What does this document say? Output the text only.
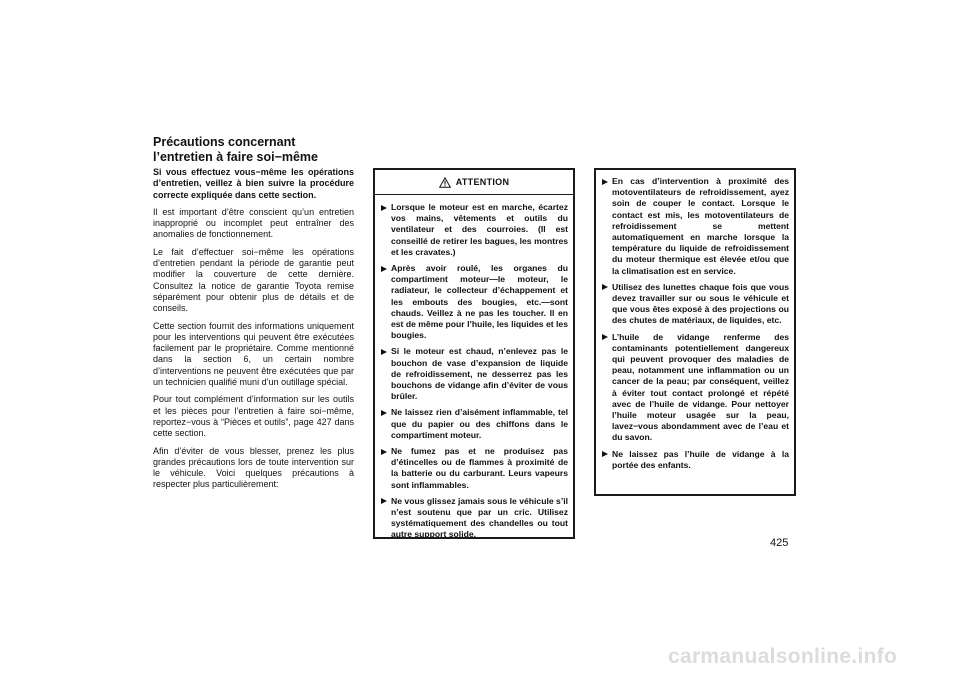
Précautions concernant
l’entretien à faire soi−même

Si vous effectuez vous−même les opérations d’entretien, veillez à bien suivre la procédure correcte expliquée dans cette section.

Il est important d’être conscient qu’un entretien inapproprié ou incomplet peut entraîner des anomalies de fonctionnement.

Le fait d’effectuer soi−même les opérations d’entretien pendant la période de garantie peut modifier la couverture de cette dernière. Consultez la notice de garantie Toyota remise séparément pour obtenir plus de détails et de conseils.

Cette section fournit des informations uniquement pour les interventions qui peuvent être exécutées facilement par le propriétaire. Comme mentionné dans la section 6, un certain nombre d’interventions ne peuvent être exécutées que par un technicien qualifié muni d’un outillage spécial.

Pour tout complément d’information sur les outils et les pièces pour l’entretien à faire soi−même, reportez−vous à “Pièces et outils”, page 427 dans cette section.

Afin d’éviter de vous blesser, prenez les plus grandes précautions lors de toute intervention sur le véhicule. Voici quelques précautions à respecter plus particulièrement:

ATTENTION
Lorsque le moteur est en marche, écartez vos mains, vêtements et outils du ventilateur et des courroies. (Il est conseillé de retirer les bagues, les montres et les cravates.)
Après avoir roulé, les organes du compartiment moteur—le moteur, le radiateur, le collecteur d’échappement et les embouts des bougies, etc.—sont chauds. Veillez à ne pas les toucher. Il en est de même pour l’huile, les liquides et les bougies.
Si le moteur est chaud, n’enlevez pas le bouchon de vase d’expansion de liquide de refroidissement, ne desserrez pas les bouchons de vidange afin d’éviter de vous brûler.
Ne laissez rien d’aisément inflammable, tel que du papier ou des chiffons dans le compartiment moteur.
Ne fumez pas et ne produisez pas d’étincelles ou de flammes à proximité de la batterie ou du carburant. Leurs vapeurs sont inflammables.
Ne vous glissez jamais sous le véhicule s’il n’est soutenu que par un cric. Utilisez systématiquement des chandelles ou tout autre support solide.
En cas d’intervention à proximité des motoventilateurs de refroidissement, ayez soin de couper le contact. Lorsque le contact est mis, les motoventilateurs de refroidissement se mettent automatiquement en marche lorsque la température du liquide de refroidissement du moteur thermique est élevée et/ou que la climatisation est en service.
Utilisez des lunettes chaque fois que vous devez travailler sur ou sous le véhicule et que vous êtes exposé à des projections ou des chutes de matériaux, de liquides, etc.
L’huile de vidange renferme des contaminants potentiellement dangereux qui peuvent provoquer des maladies de peau, notamment une inflammation ou un cancer de la peau; par conséquent, veillez à éviter tout contact prolongé et répété avec de l’huile de vidange. Pour nettoyer l’huile moteur usagée sur la peau, lavez−vous abondamment avec de l’eau et du savon.
Ne laissez pas l’huile de vidange à la portée des enfants.
425
carmanualsonline.info
